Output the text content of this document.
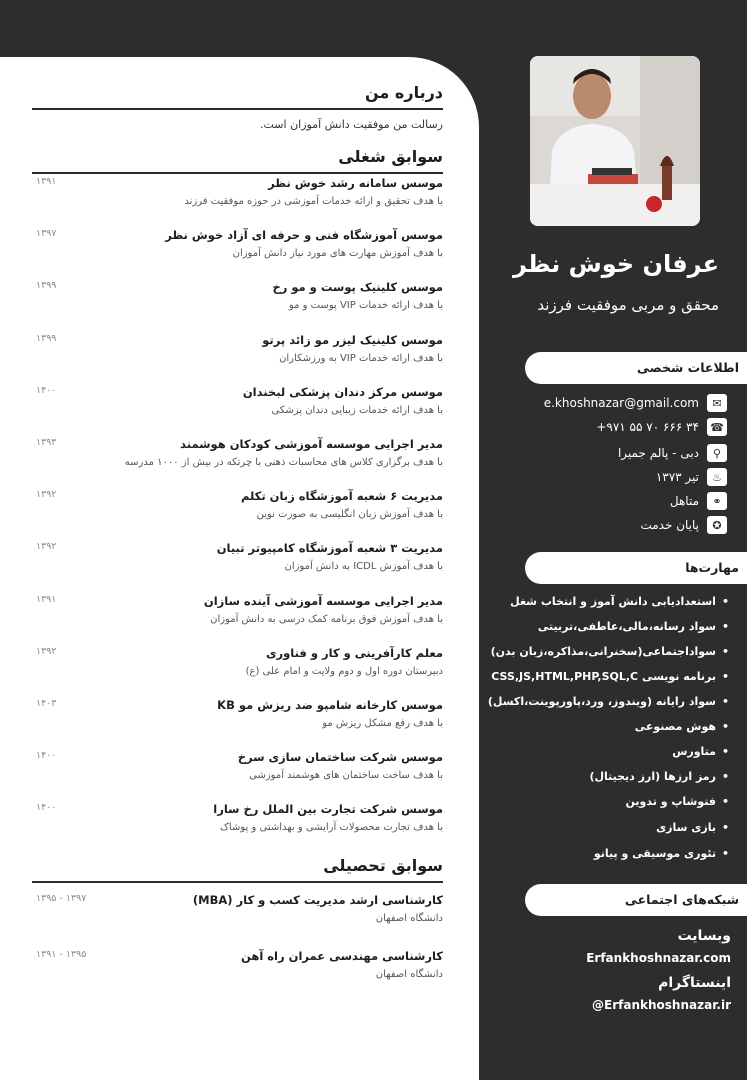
درباره من
رسالت من موفقیت دانش آموزان است.
سوابق شغلی
موسس سامانه رشد خوش نظر
با هدف تحقیق و ارائه خدمات آموزشی در حوزه موفقیت فرزند
۱۳۹۱
موسس آموزشگاه فنی و حرفه ای آزاد خوش نظر
با هدف آموزش مهارت های مورد نیاز دانش آموزان
۱۳۹۷
موسس کلینیک پوست و مو رخ
با هدف ارائه خدمات VIP پوست و مو
۱۳۹۹
موسس کلینیک لیزر مو زائد پرتو
با هدف ارائه خدمات VIP به ورزشکاران
۱۳۹۹
موسس مرکز دندان پزشکی لبخندان
با هدف ارائه خدمات زیبایی دندان پزشکی
۱۴۰۰
مدیر اجرایی موسسه آموزشی کودکان هوشمند
با هدف برگزاری کلاس های محاسبات ذهنی با چرتکه در بیش از ۱۰۰۰ مدرسه
۱۳۹۳
مدیریت ۶ شعبه آموزشگاه زبان تکلم
با هدف آموزش زبان انگلیسی به صورت نوین
۱۳۹۲
مدیریت ۳ شعبه آموزشگاه کامپیوتر تبیان
با هدف آموزش ICDL به دانش آموزان
۱۳۹۲
مدیر اجرایی موسسه آموزشی آینده سازان
با هدف آموزش فوق برنامه کمک درسی به دانش آموزان
۱۳۹۱
معلم کارآفرینی و کار و فناوری
دبیرستان دوره اول و دوم ولایت و امام علی (ع)
۱۳۹۲
موسس کارخانه شامپو ضد ریزش مو KB
با هدف رفع مشکل ریزش مو
۱۴۰۳
موسس شرکت ساختمان سازی سرخ
با هدف ساخت ساختمان های هوشمند آموزشی
۱۴۰۰
موسس شرکت تجارت بین الملل رخ سارا
با هدف تجارت محصولات آرایشی و بهداشتی و پوشاک
۱۴۰۰
سوابق تحصیلی
کارشناسی ارشد مدیریت کسب و کار (MBA)
دانشگاه اصفهان
۱۳۹۷ - ۱۳۹۵
کارشناسی مهندسی عمران راه آهن
دانشگاه اصفهان
۱۳۹۵ - ۱۳۹۱
عرفان خوش نظر
محقق و مربی موفقیت فرزند
اطلاعات شخصی
✉
e.khoshnazar@gmail.com
☎
+۹۷۱ ۵۵ ۷۰ ۶۶۶ ۳۴
⚲
دبی - پالم جمیرا
♨
تیر ۱۳۷۳
⚭
متاهل
✪
پایان خدمت
مهارت‌ها
• استعدادیابی دانش آموز و انتخاب شغل
• سواد رسانه،مالی،عاطفی،تربیتی
• سواداجتماعی(سخنرانی،مذاکره،زبان بدن)
• برنامه نویسی CSS,JS,HTML,PHP,SQL,C
• سواد رایانه (ویندوز، ورد،پاورپوینت،اکسل)
• هوش مصنوعی
• متاورس
• رمز ارزها (ارز دیجیتال)
• فتوشاپ و تدوین
• بازی سازی
• تئوری موسیقی و پیانو
شبکه‌های اجتماعی
وبسایت
Erfankhoshnazar.com
اینستاگرام
@Erfankhoshnazar.ir
